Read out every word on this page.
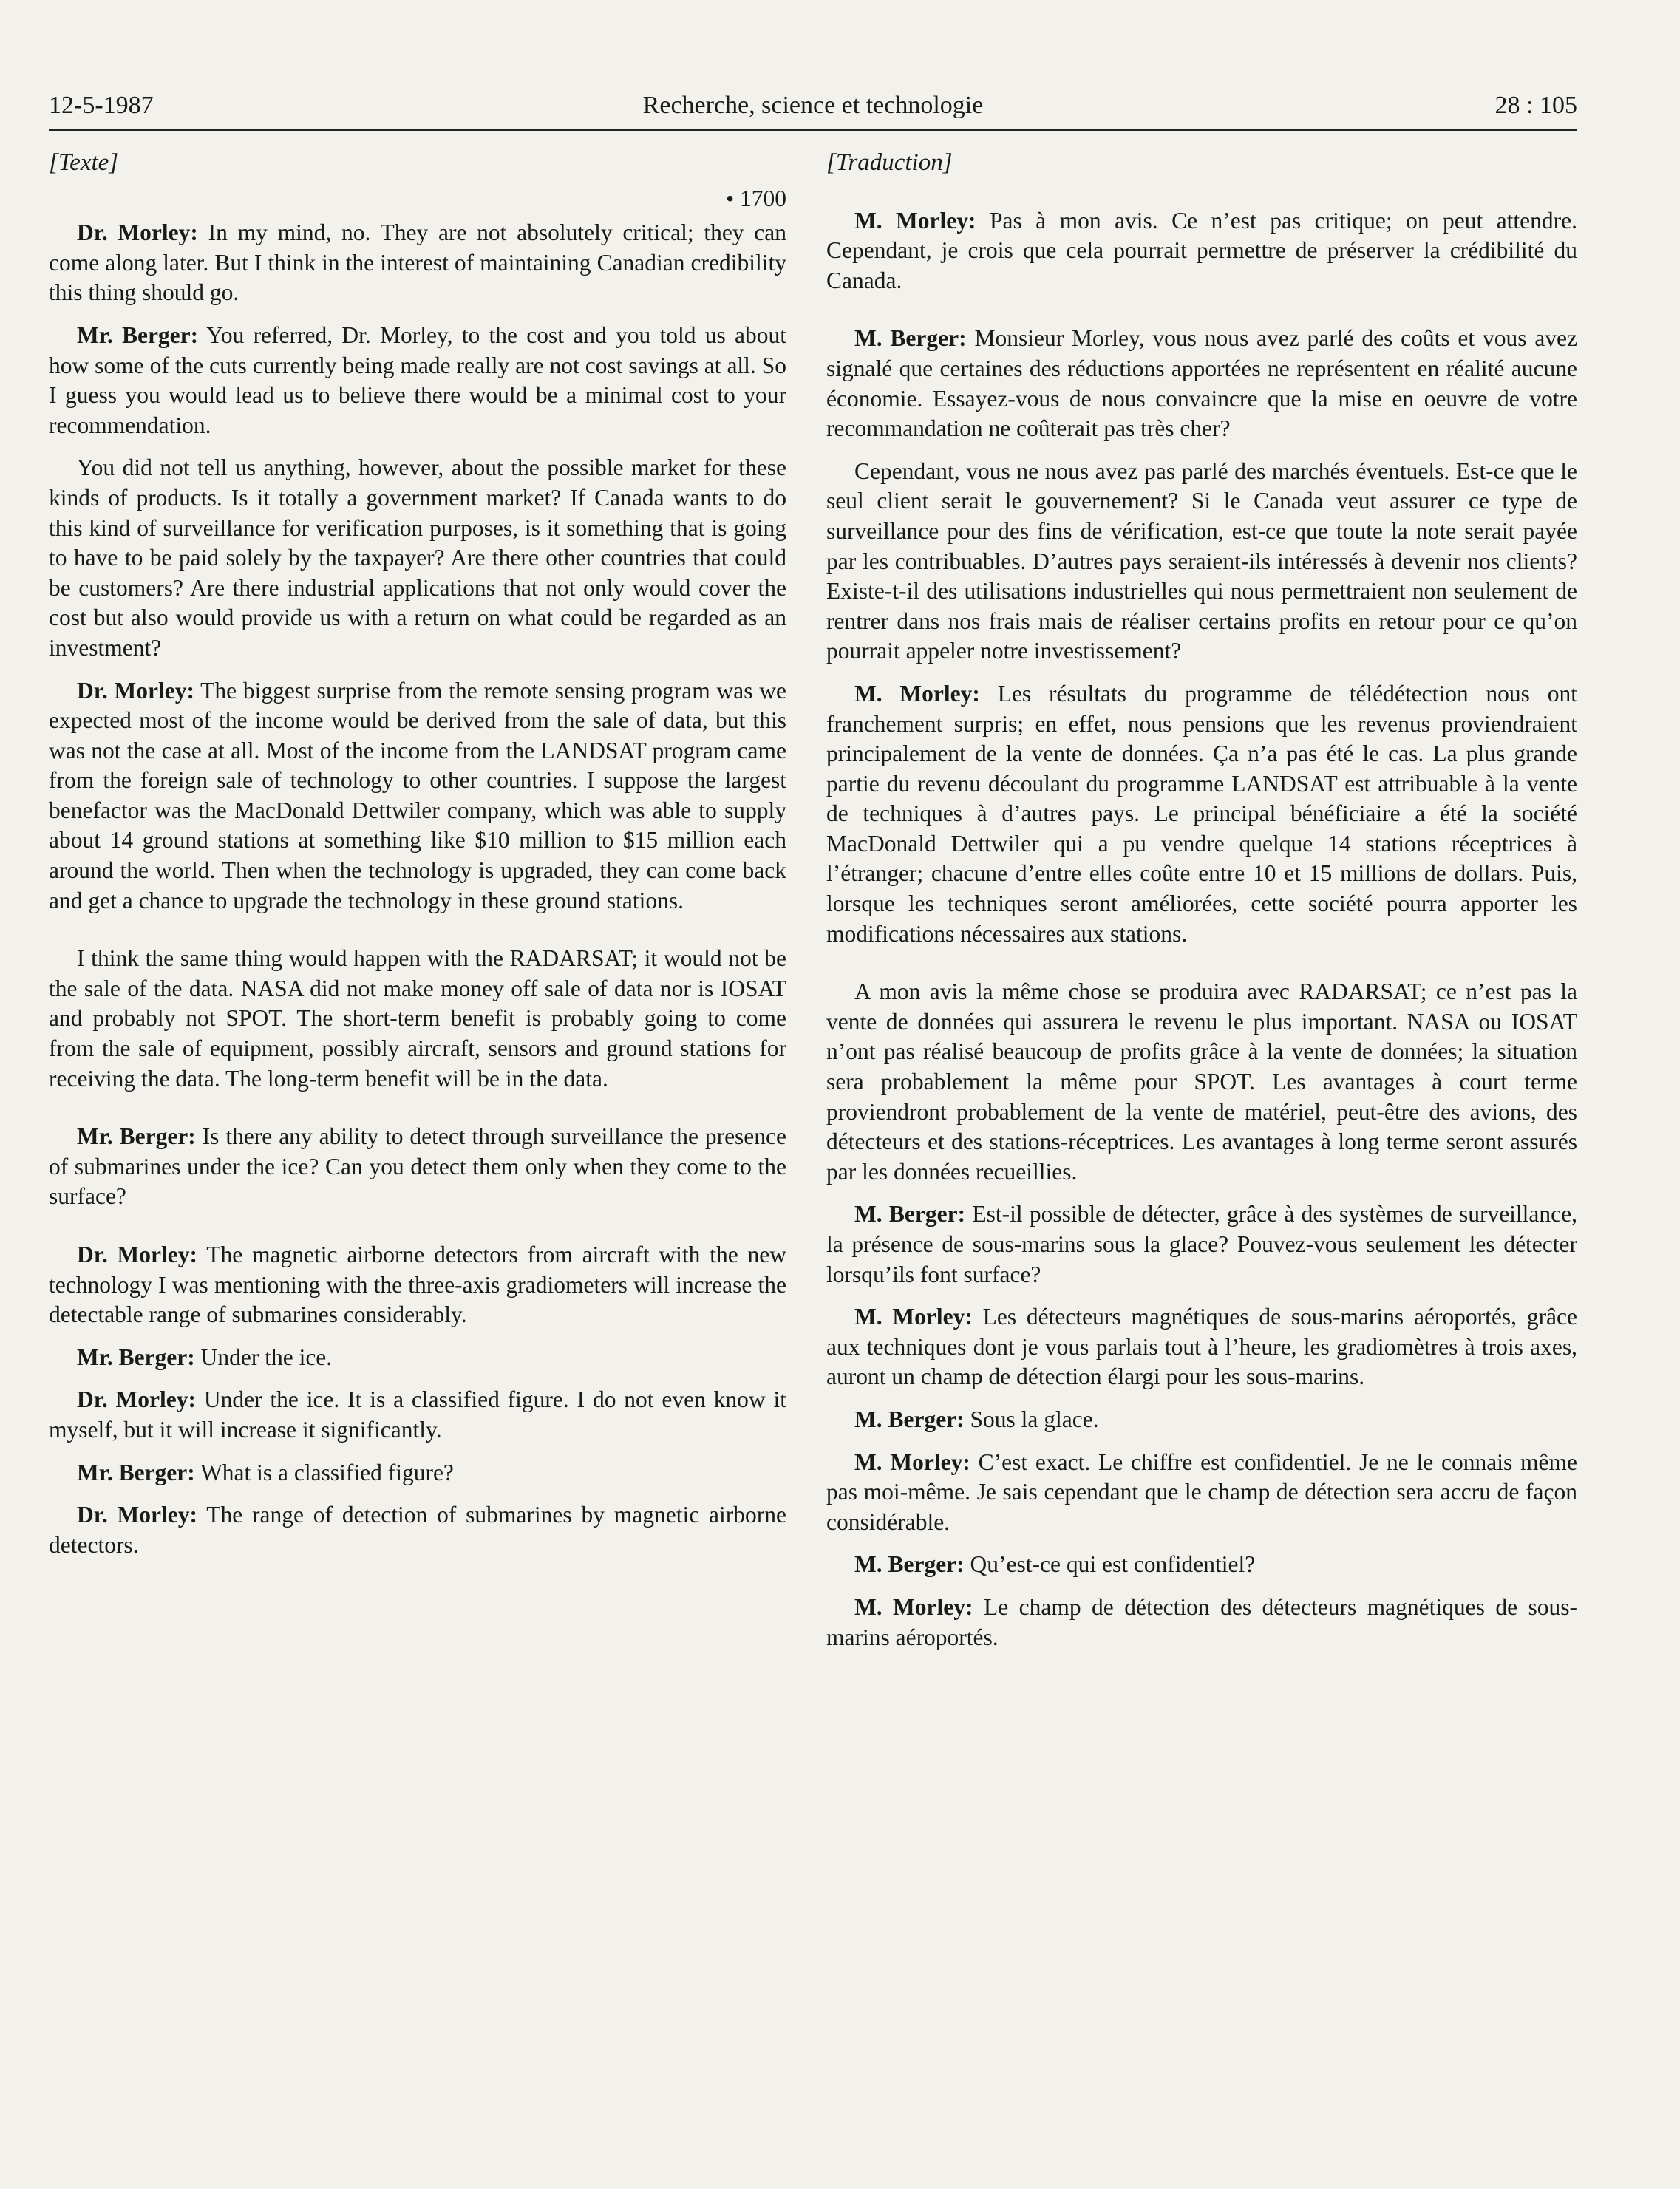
12-5-1987	Recherche, science et technologie	28 : 105
[Texte]
• 1700

Dr. Morley: In my mind, no. They are not absolutely critical; they can come along later. But I think in the interest of maintaining Canadian credibility this thing should go.

Mr. Berger: You referred, Dr. Morley, to the cost and you told us about how some of the cuts currently being made really are not cost savings at all. So I guess you would lead us to believe there would be a minimal cost to your recommendation.

You did not tell us anything, however, about the possible market for these kinds of products. Is it totally a government market? If Canada wants to do this kind of surveillance for verification purposes, is it something that is going to have to be paid solely by the taxpayer? Are there other countries that could be customers? Are there industrial applications that not only would cover the cost but also would provide us with a return on what could be regarded as an investment?

Dr. Morley: The biggest surprise from the remote sensing program was we expected most of the income would be derived from the sale of data, but this was not the case at all. Most of the income from the LANDSAT program came from the foreign sale of technology to other countries. I suppose the largest benefactor was the MacDonald Dettwiler company, which was able to supply about 14 ground stations at something like $10 million to $15 million each around the world. Then when the technology is upgraded, they can come back and get a chance to upgrade the technology in these ground stations.

I think the same thing would happen with the RADARSAT; it would not be the sale of the data. NASA did not make money off sale of data nor is IOSAT and probably not SPOT. The short-term benefit is probably going to come from the sale of equipment, possibly aircraft, sensors and ground stations for receiving the data. The long-term benefit will be in the data.

Mr. Berger: Is there any ability to detect through surveillance the presence of submarines under the ice? Can you detect them only when they come to the surface?

Dr. Morley: The magnetic airborne detectors from aircraft with the new technology I was mentioning with the three-axis gradiometers will increase the detectable range of submarines considerably.

Mr. Berger: Under the ice.

Dr. Morley: Under the ice. It is a classified figure. I do not even know it myself, but it will increase it significantly.

Mr. Berger: What is a classified figure?

Dr. Morley: The range of detection of submarines by magnetic airborne detectors.

[Traduction]

M. Morley: Pas à mon avis. Ce n’est pas critique; on peut attendre. Cependant, je crois que cela pourrait permettre de préserver la crédibilité du Canada.

M. Berger: Monsieur Morley, vous nous avez parlé des coûts et vous avez signalé que certaines des réductions apportées ne représentent en réalité aucune économie. Essayez-vous de nous convaincre que la mise en oeuvre de votre recommandation ne coûterait pas très cher?

Cependant, vous ne nous avez pas parlé des marchés éventuels. Est-ce que le seul client serait le gouvernement? Si le Canada veut assurer ce type de surveillance pour des fins de vérification, est-ce que toute la note serait payée par les contribuables. D’autres pays seraient-ils intéressés à devenir nos clients? Existe-t-il des utilisations industrielles qui nous permettraient non seulement de rentrer dans nos frais mais de réaliser certains profits en retour pour ce qu’on pourrait appeler notre investissement?

M. Morley: Les résultats du programme de télédétection nous ont franchement surpris; en effet, nous pensions que les revenus proviendraient principalement de la vente de données. Ça n’a pas été le cas. La plus grande partie du revenu découlant du programme LANDSAT est attribuable à la vente de techniques à d’autres pays. Le principal bénéficiaire a été la société MacDonald Dettwiler qui a pu vendre quelque 14 stations réceptrices à l’étranger; chacune d’entre elles coûte entre 10 et 15 millions de dollars. Puis, lorsque les techniques seront améliorées, cette société pourra apporter les modifications nécessaires aux stations.

A mon avis la même chose se produira avec RADARSAT; ce n’est pas la vente de données qui assurera le revenu le plus important. NASA ou IOSAT n’ont pas réalisé beaucoup de profits grâce à la vente de données; la situation sera probablement la même pour SPOT. Les avantages à court terme proviendront probablement de la vente de matériel, peut-être des avions, des détecteurs et des stations-réceptrices. Les avantages à long terme seront assurés par les données recueillies.

M. Berger: Est-il possible de détecter, grâce à des systèmes de surveillance, la présence de sous-marins sous la glace? Pouvez-vous seulement les détecter lorsqu’ils font surface?

M. Morley: Les détecteurs magnétiques de sous-marins aéroportés, grâce aux techniques dont je vous parlais tout à l’heure, les gradiomètres à trois axes, auront un champ de détection élargi pour les sous-marins.

M. Berger: Sous la glace.

M. Morley: C’est exact. Le chiffre est confidentiel. Je ne le connais même pas moi-même. Je sais cependant que le champ de détection sera accru de façon considérable.

M. Berger: Qu’est-ce qui est confidentiel?

M. Morley: Le champ de détection des détecteurs magnétiques de sous-marins aéroportés.
